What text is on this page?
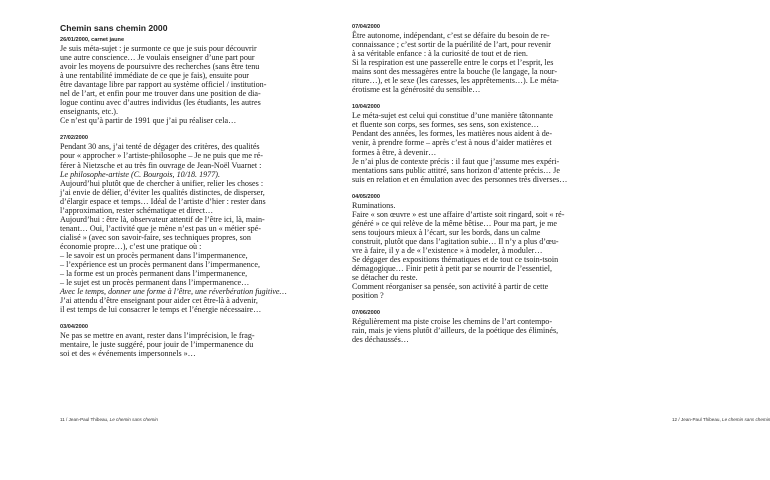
Chemin sans chemin 2000
26/01/2000, carnet jaune
Je suis méta-sujet : je surmonte ce que je suis pour découvrir
une autre conscience… Je voulais enseigner d’une part pour
avoir les moyens de poursuivre des recherches (sans être tenu
à une rentabilité immédiate de ce que je fais), ensuite pour
être davantage libre par rapport au système officiel / institution-
nel de l’art, et enfin pour me trouver dans une position de dia-
logue continu avec d’autres individus (les étudiants, les autres
enseignants, etc.).
Ce n’est qu’à partir de 1991 que j’ai pu réaliser cela…
27/02/2000
Pendant 30 ans, j’ai tenté de dégager des critères, des qualités
pour « approcher » l’artiste-philosophe – Je ne puis que me ré-
férer à Nietzsche et au très fin ouvrage de Jean-Noël Vuarnet :
Le philosophe-artiste (C. Bourgois, 10/18. 1977).
Aujourd’hui plutôt que de chercher à unifier, relier les choses :
j’ai envie de délier, d’éviter les qualités distinctes, de disperser,
d’élargir espace et temps… Idéal de l’artiste d’hier : rester dans
l’approximation, rester schématique et direct…
Aujourd’hui : être là, observateur attentif de l’être ici, là, main-
tenant… Oui, l’activité que je mène n’est pas un « métier spé-
cialisé » (avec son savoir-faire, ses techniques propres, son
économie propre…), c’est une pratique où :
– le savoir est un procès permanent dans l’impermanence,
– l’expérience est un procès permanent dans l’impermanence,
– la forme est un procès permanent dans l’impermanence,
– le sujet est un procès permanent dans l’impermanence…
Avec le temps, donner une forme à l’être, une réverbération fugitive…
J’ai attendu d’être enseignant pour aider cet être-là à advenir,
il est temps de lui consacrer le temps et l’énergie nécessaire…
03/04/2000
Ne pas se mettre en avant, rester dans l’imprécision, le frag-
mentaire, le juste suggéré, pour jouir de l’impermanence du
soi et des « événements impersonnels »…
11 / Jean-Paul Thibeau, Le chemin sans chemin
07/04/2000
Être autonome, indépendant, c’est se défaire du besoin de re-
connaissance ; c’est sortir de la puérilité de l’art, pour revenir
à sa véritable enfance : à la curiosité de tout et de rien.
Si la respiration est une passerelle entre le corps et l’esprit, les
mains sont des messagères entre la bouche (le langage, la nour-
riture…), et le sexe (les caresses, les apprêtements…). Le méta-
érotisme est la générosité du sensible…
10/04/2000
Le méta-sujet est celui qui constitue d’une manière tâtonnante
et fluente son corps, ses formes, ses sens, son existence…
Pendant des années, les formes, les matières nous aident à de-
venir, à prendre forme – après c’est à nous d’aider matières et
formes à être, à devenir…
Je n’ai plus de contexte précis : il faut que j’assume mes expéri-
mentations sans public attitré, sans horizon d’attente précis… Je
suis en relation et en émulation avec des personnes très diverses…
04/05/2000
Ruminations.
Faire « son œuvre » est une affaire d’artiste soit ringard, soit « ré-
généré » ce qui relève de la même bêtise… Pour ma part, je me
sens toujours mieux à l’écart, sur les bords, dans un calme
construit, plutôt que dans l’agitation subie… Il n’y a plus d’œu-
vre à faire, il y a de « l’existence » à modeler, à moduler…
Se dégager des expositions thématiques et de tout ce tsoin-tsoin
démagogique… Finir petit à petit par se nourrir de l’essentiel,
se détacher du reste.
Comment réorganiser sa pensée, son activité à partir de cette
position ?
07/06/2000
Régulièrement ma piste croise les chemins de l’art contempo-
rain, mais je viens plutôt d’ailleurs, de la poétique des éliminés,
des déchaussés…
12 / Jean-Paul Thibeau, Le chemin sans chemin
